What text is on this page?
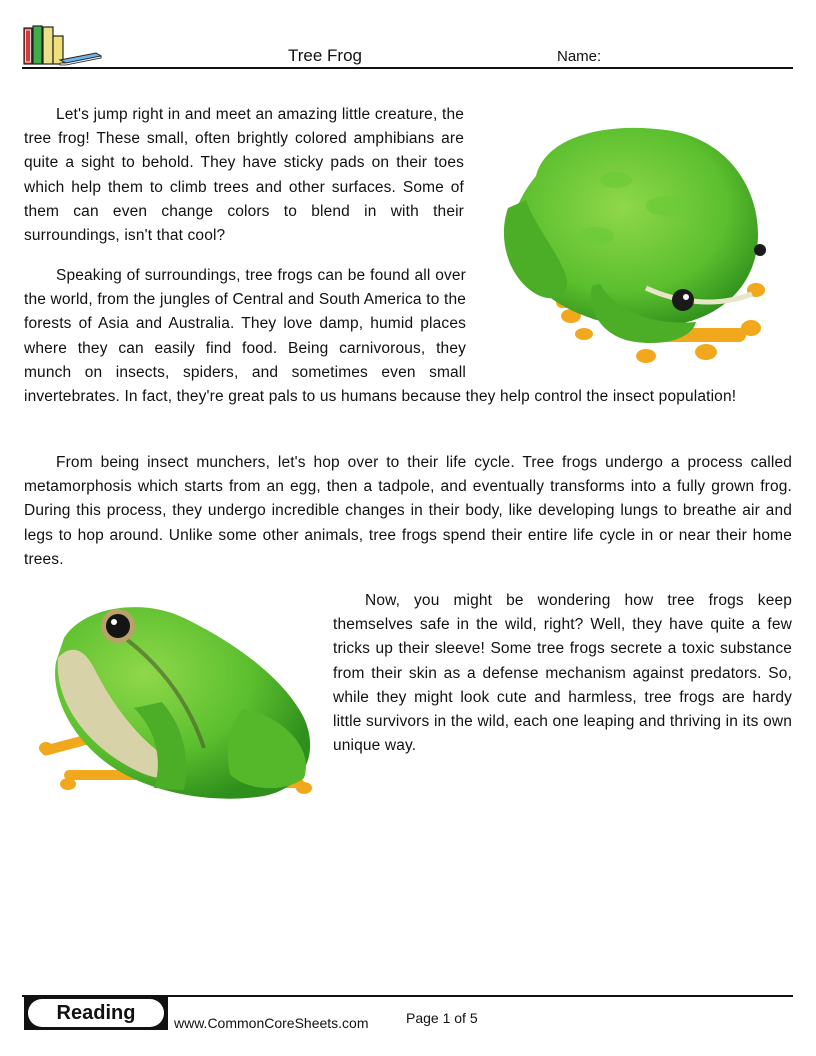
Tree Frog	Name:

Let's jump right in and meet an amazing little creature, the tree frog! These small, often brightly colored amphibians are quite a sight to behold. They have sticky pads on their toes which help them to climb trees and other surfaces. Some of them can even change colors to blend in with their surroundings, isn't that cool?

Speaking of surroundings, tree frogs can be found all over the world, from the jungles of Central and South America to the forests of Asia and Australia. They love damp, humid places where they can easily find food. Being carnivorous, they munch on insects, spiders, and sometimes even small invertebrates. In fact, they're great pals to us humans because they help control the insect population!

From being insect munchers, let's hop over to their life cycle. Tree frogs undergo a process called metamorphosis which starts from an egg, then a tadpole, and eventually transforms into a fully grown frog. During this process, they undergo incredible changes in their body, like developing lungs to breathe air and legs to hop around. Unlike some other animals, tree frogs spend their entire life cycle in or near their home trees.

Now, you might be wondering how tree frogs keep themselves safe in the wild, right? Well, they have quite a few tricks up their sleeve! Some tree frogs secrete a toxic substance from their skin as a defense mechanism against predators. So, while they might look cute and harmless, tree frogs are hardy little survivors in the wild, each one leaping and thriving in its own unique way.

Reading	www.CommonCoreSheets.com	Page 1 of 5
